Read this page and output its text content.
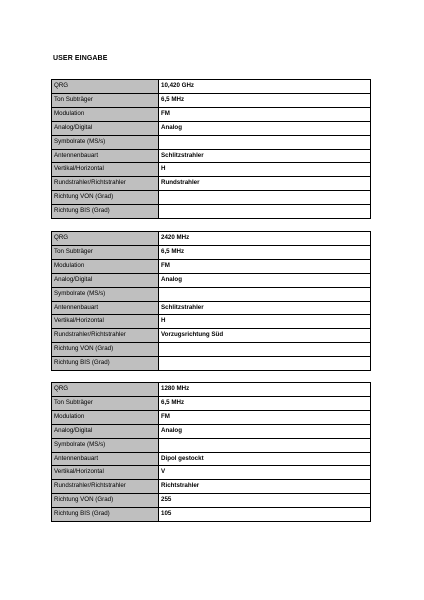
USER EINGABE
QRG	10,420 GHz
Ton Subträger	6,5 MHz
Modulation	FM
Analog/Digital	Analog
Symbolrate (MS/s)	
Antennenbauart	Schlitzstrahler
Vertikal/Horizontal	H
Rundstrahler/Richtstrahler	Rundstrahler
Richtung VON (Grad)	
Richtung BIS (Grad)	
QRG	2420 MHz
Ton Subträger	6,5 MHz
Modulation	FM
Analog/Digital	Analog
Symbolrate (MS/s)	
Antennenbauart	Schlitzstrahler
Vertikal/Horizontal	H
Rundstrahler/Richtstrahler	Vorzugsrichtung Süd
Richtung VON (Grad)	
Richtung BIS (Grad)	
QRG	1280 MHz
Ton Subträger	6,5 MHz
Modulation	FM
Analog/Digital	Analog
Symbolrate (MS/s)	
Antennenbauart	Dipol gestockt
Vertikal/Horizontal	V
Rundstrahler/Richtstrahler	Richtstrahler
Richtung VON (Grad)	255
Richtung BIS (Grad)	105
